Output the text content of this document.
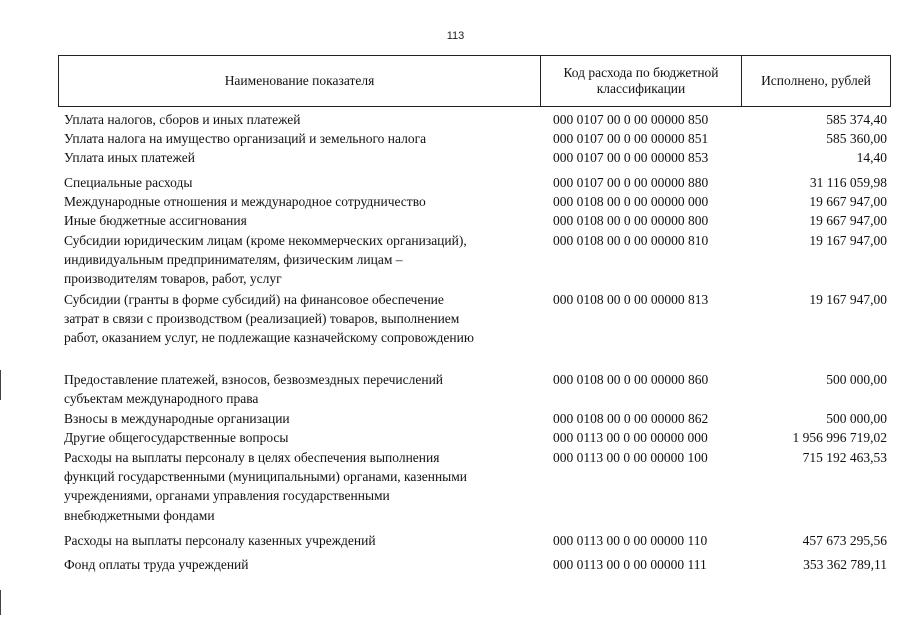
113
Наименование показателя
Код расхода по бюджетной классификации
Исполнено, рублей
Уплата налогов, сборов и иных платежей	000 0107 00 0 00 00000 850	585 374,40
Уплата налога на имущество организаций и земельного налога	000 0107 00 0 00 00000 851	585 360,00
Уплата иных платежей	000 0107 00 0 00 00000 853	14,40
Специальные расходы	000 0107 00 0 00 00000 880	31 116 059,98
Международные отношения и международное сотрудничество	000 0108 00 0 00 00000 000	19 667 947,00
Иные бюджетные ассигнования	000 0108 00 0 00 00000 800	19 667 947,00
Субсидии юридическим лицам (кроме некоммерческих организаций),
индивидуальным предпринимателям, физическим лицам –
производителям товаров, работ, услуг
000 0108 00 0 00 00000 810	19 167 947,00
Субсидии (гранты в форме субсидий) на финансовое обеспечение
затрат в связи с производством (реализацией) товаров, выполнением
работ, оказанием услуг, не подлежащие казначейскому сопровождению
000 0108 00 0 00 00000 813	19 167 947,00
Предоставление платежей, взносов, безвозмездных перечислений
субъектам международного права
000 0108 00 0 00 00000 860	500 000,00
Взносы в международные организации	000 0108 00 0 00 00000 862	500 000,00
Другие общегосударственные вопросы	000 0113 00 0 00 00000 000	1 956 996 719,02
Расходы на выплаты персоналу в целях обеспечения выполнения
функций государственными (муниципальными) органами, казенными
учреждениями, органами управления государственными
внебюджетными фондами
000 0113 00 0 00 00000 100	715 192 463,53
Расходы на выплаты персоналу казенных учреждений	000 0113 00 0 00 00000 110	457 673 295,56
Фонд оплаты труда учреждений	000 0113 00 0 00 00000 111	353 362 789,11
